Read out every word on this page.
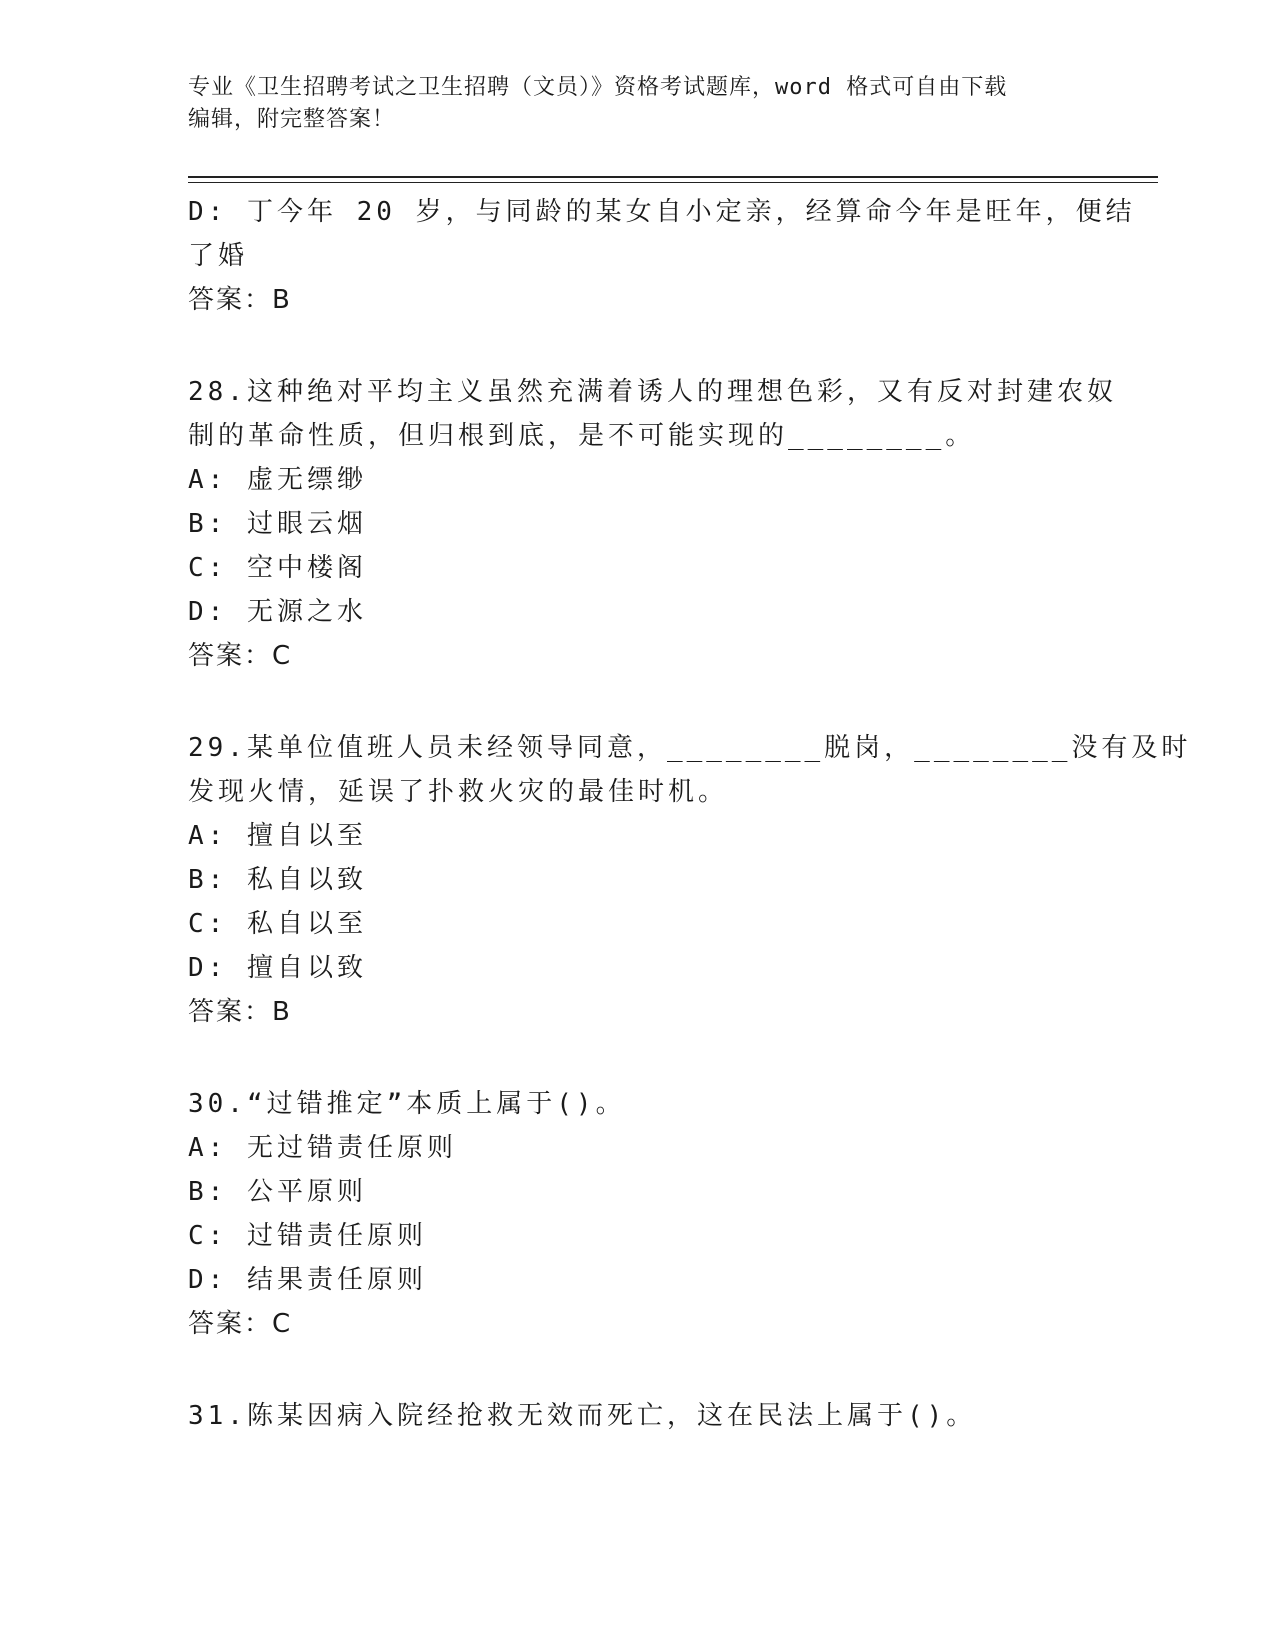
专业《卫生招聘考试之卫生招聘（文员）》资格考试题库，word 格式可自由下载
编辑，附完整答案！
D: 丁今年 20 岁，与同龄的某女自小定亲，经算命今年是旺年，便结
了婚
答案：B
28.这种绝对平均主义虽然充满着诱人的理想色彩，又有反对封建农奴
制的革命性质，但归根到底，是不可能实现的________。
A: 虚无缥缈
B: 过眼云烟
C: 空中楼阁
D: 无源之水
答案：C
29.某单位值班人员未经领导同意，________脱岗，________没有及时
发现火情，延误了扑救火灾的最佳时机。
A: 擅自以至
B: 私自以致
C: 私自以至
D: 擅自以致
答案：B
30.“过错推定”本质上属于()。
A: 无过错责任原则
B: 公平原则
C: 过错责任原则
D: 结果责任原则
答案：C
31.陈某因病入院经抢救无效而死亡，这在民法上属于()。
